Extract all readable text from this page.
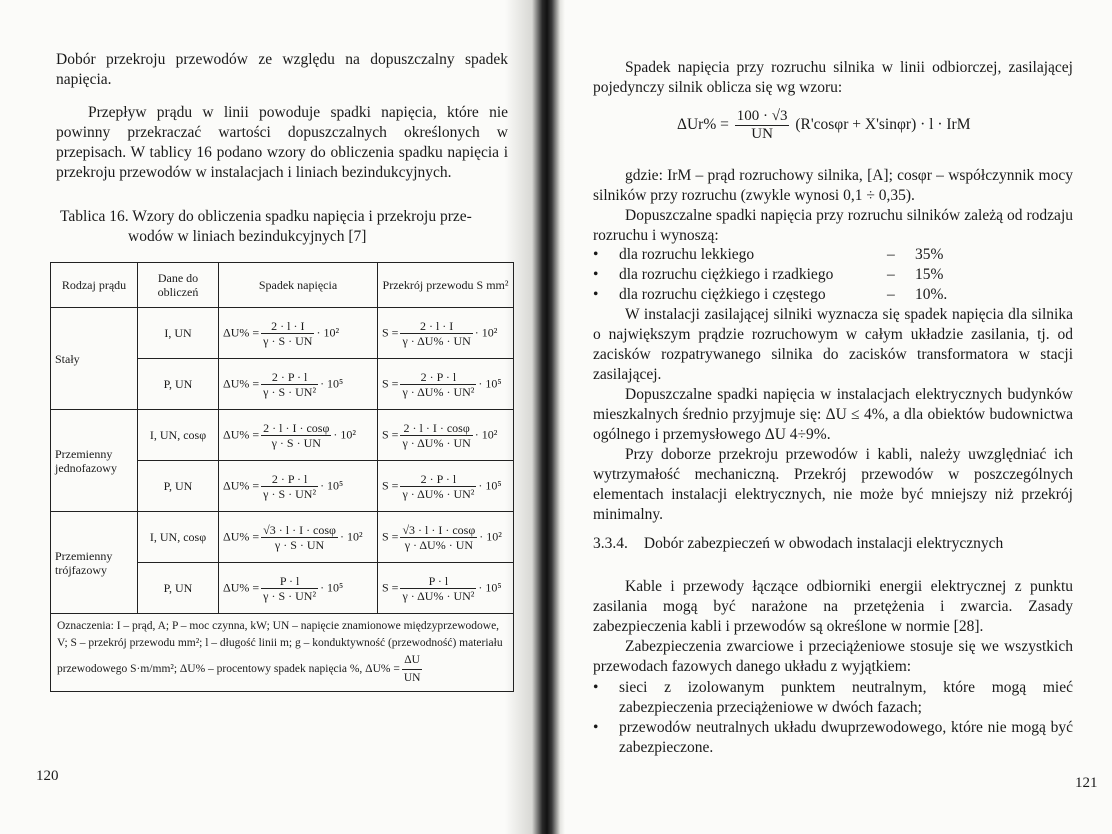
Dobór przekroju przewodów ze względu na dopuszczalny spadek napięcia.

Przepływ prądu w linii powoduje spadki napięcia, które nie powinny przekraczać wartości dopuszczalnych określonych w przepisach. W tablicy 16 podano wzory do obliczenia spadku napięcia i przekroju przewodów w instalacjach i liniach bezindukcyjnych.

Tablica 16. Wzory do obliczenia spadku napięcia i przekroju prze-
wodów w liniach bezindukcyjnych [7]
Rodzaj prądu	Dane do obliczeń	Spadek napięcia	Przekrój przewodu S mm²
Stały	I, UN	$\Delta U\% = \frac{2 \cdot l \cdot I}{\gamma \cdot S \cdot UN} \cdot 10^2$	$S = \frac{2 \cdot l \cdot I}{\gamma \cdot \Delta U\% \cdot UN} \cdot 10^2$
	P, UN	$\Delta U\% = \frac{2 \cdot P \cdot l}{\text{γ · S · UN²}} \cdot 10^5$	$S = \frac{2 \cdot P \cdot l}{\text{γ · ΔU\% · UN²}} \cdot 10^5$
Przemienny jednofazowy	I, UN, cosφ	$\Delta U\% = \frac{2 \cdot l \cdot I \cdot \cos\varphi}{\gamma \cdot S \cdot UN} \cdot 10^2$	$S = \frac{2 \cdot l \cdot I \cdot \cos\varphi}{\gamma \cdot \Delta U\% \cdot UN} \cdot 10^2$
	P, UN	$\Delta U\% = \frac{2 \cdot P \cdot l}{\text{γ · S · UN²}} \cdot 10^5$	$S = \frac{2 \cdot P \cdot l}{\text{γ · ΔU\% · UN²}} \cdot 10^5$
Przemienny trójfazowy	I, UN, cosφ	$\Delta U\% = \frac{√3 \cdot l \cdot I \cdot \cos\varphi}{\gamma \cdot S \cdot UN} \cdot 10^2$	$S = \frac{√3 \cdot l \cdot I \cdot \cos\varphi}{\gamma \cdot \Delta U\% \cdot UN} \cdot 10^2$
	P, UN	$\Delta U\% = \frac{P \cdot l}{\text{γ · S · UN²}} \cdot 10^5$	$S = \frac{P \cdot l}{\text{γ · ΔU\% · UN²}} \cdot 10^5$
Oznaczenia: I – prąd, A; P – moc czynna, kW; UN – napięcie znamionowe międzyprzewodowe, V; S – przekrój przewodu mm²; l – długość linii m; g – konduktywność (przewodność) materiału przewodowego S·m/mm²; ΔU% – procentowy spadek napięcia %, $\Delta U\% = \frac{\Delta U}{UN}$
120

Spadek napięcia przy rozruchu silnika w linii odbiorczej, zasilającej pojedynczy silnik oblicza się wg wzoru:

$\Delta Ur\% = \frac{100 \cdot √3}{UN} (R'\cos\varphi r + X'\sin\varphi r) \cdot l$ · IrM

gdzie: IrM – prąd rozruchowy silnika, [A]; cosφr – współczynnik mocy silników przy rozruchu (zwykle wynosi 0,1 ÷ 0,35).

Dopuszczalne spadki napięcia przy rozruchu silników zależą od rodzaju rozruchu i wynoszą:

• dla rozruchu lekkiego	–	35%
• dla rozruchu ciężkiego i rzadkiego	–	15%
• dla rozruchu ciężkiego i częstego	–	10%.

W instalacji zasilającej silniki wyznacza się spadek napięcia dla silnika o największym prądzie rozruchowym w całym układzie zasilania, tj. od zacisków rozpatrywanego silnika do zacisków transformatora w stacji zasilającej.

Dopuszczalne spadki napięcia w instalacjach elektrycznych budynków mieszkalnych średnio przyjmuje się: ΔU ≤ 4%, a dla obiektów budownictwa ogólnego i przemysłowego ΔU 4÷9%.

Przy doborze przekroju przewodów i kabli, należy uwzględniać ich wytrzymałość mechaniczną. Przekrój przewodów w poszczególnych elementach instalacji elektrycznych, nie może być mniejszy niż przekrój minimalny.

3.3.4. Dobór zabezpieczeń w obwodach instalacji elektrycznych

Kable i przewody łączące odbiorniki energii elektrycznej z punktu zasilania mogą być narażone na przetężenia i zwarcia. Zasady zabezpieczenia kabli i przewodów są określone w normie [28].

Zabezpieczenia zwarciowe i przeciążeniowe stosuje się we wszystkich przewodach fazowych danego układu z wyjątkiem:

• sieci z izolowanym punktem neutralnym, które mogą mieć zabezpieczenia przeciążeniowe w dwóch fazach;
• przewodów neutralnych układu dwuprzewodowego, które nie mogą być zabezpieczone.
121
